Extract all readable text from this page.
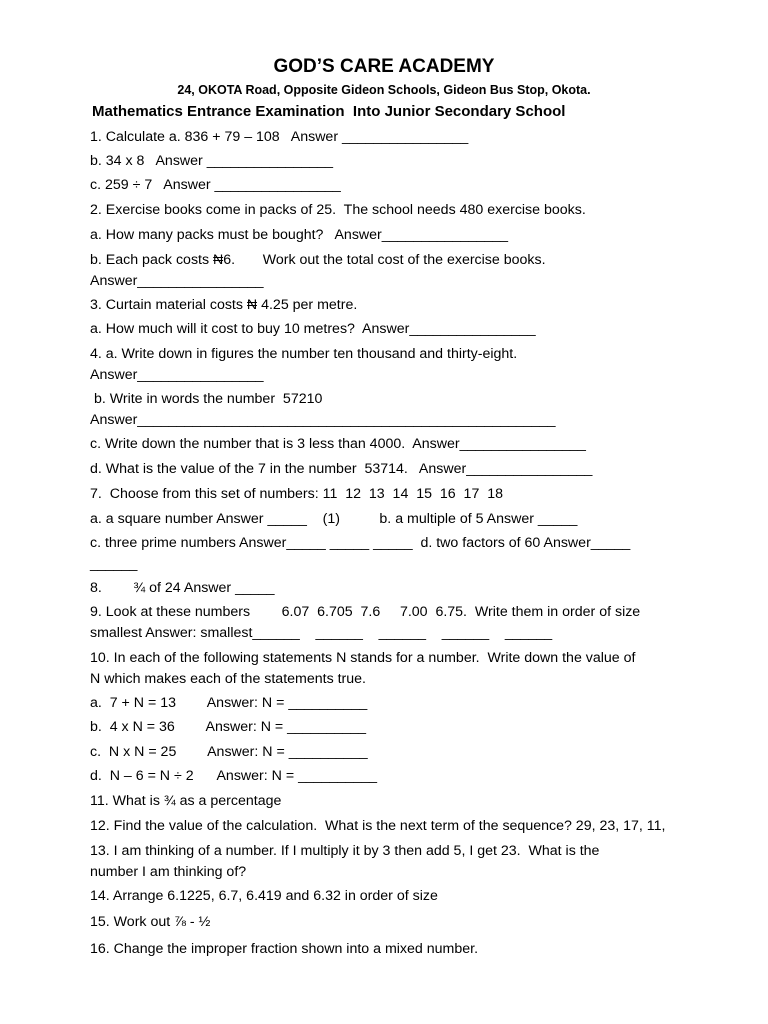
GOD’S CARE ACADEMY
24, OKOTA Road, Opposite Gideon Schools, Gideon Bus Stop, Okota.
Mathematics Entrance Examination  Into Junior Secondary School
1. Calculate a. 836 + 79 – 108   Answer ________________
b. 34 x 8   Answer ________________
c. 259 ÷ 7   Answer ________________
2. Exercise books come in packs of 25.  The school needs 480 exercise books.
a. How many packs must be bought?   Answer________________
b. Each pack costs ₦6.       Work out the total cost of the exercise books.
Answer________________
3. Curtain material costs ₦ 4.25 per metre.
a. How much will it cost to buy 10 metres?  Answer________________
4. a. Write down in figures the number ten thousand and thirty-eight.
Answer________________
b. Write in words the number  57210
Answer_____________________________________________________
c. Write down the number that is 3 less than 4000.  Answer________________
d. What is the value of the 7 in the number  53714.   Answer________________
7.  Choose from this set of numbers: 11  12  13  14  15  16  17  18
a. a square number Answer _____    (1)          b. a multiple of 5 Answer _____
c. three prime numbers Answer_____ _____ _____  d. two factors of 60 Answer_____
______
8.        ¾ of 24 Answer _____
9. Look at these numbers        6.07  6.705  7.6     7.00  6.75.  Write them in order of size
smallest Answer: smallest______    ______    ______    ______    ______
10. In each of the following statements N stands for a number.  Write down the value of
N which makes each of the statements true.
a.  7 + N = 13        Answer: N = __________
b.  4 x N = 36        Answer: N = __________
c.  N x N = 25        Answer: N = __________
d.  N – 6 = N ÷ 2      Answer: N = __________
11. What is ¾ as a percentage
12. Find the value of the calculation.  What is the next term of the sequence? 29, 23, 17, 11,
13. I am thinking of a number. If I multiply it by 3 then add 5, I get 23.  What is the
number I am thinking of?
14. Arrange 6.1225, 6.7, 6.419 and 6.32 in order of size
15. Work out ⅞ - ½
16. Change the improper fraction shown into a mixed number.
